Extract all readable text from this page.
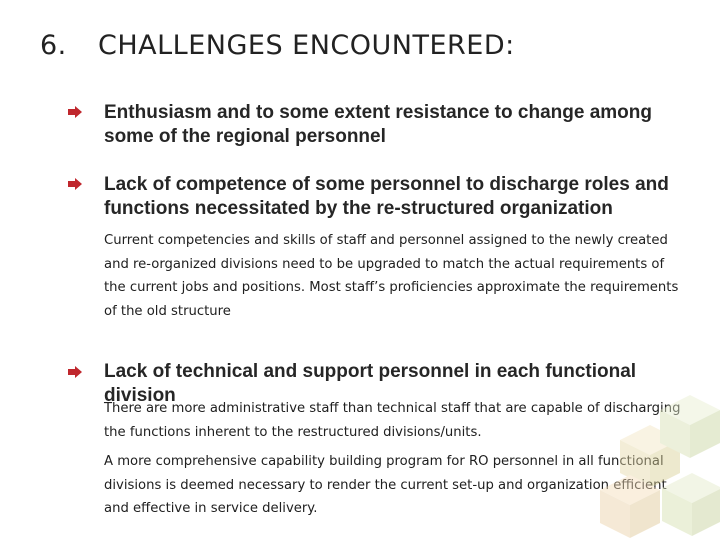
6. CHALLENGES ENCOUNTERED:
Enthusiasm and to some extent resistance to change among some of the regional personnel
Lack of competence of some personnel to discharge roles and functions necessitated by the re-structured organization

Current competencies and skills of staff and personnel assigned to the newly created and re-organized divisions need to be upgraded to match the actual requirements of the current jobs and positions. Most staff’s proficiencies approximate the requirements of the old structure

Lack of technical and support personnel in each functional division

There are more administrative staff than technical staff that are capable of discharging the functions inherent to the restructured divisions/units.

A more comprehensive capability building program for RO personnel in all functional divisions is deemed necessary to render the current set-up and organization efficient and effective in service delivery.
